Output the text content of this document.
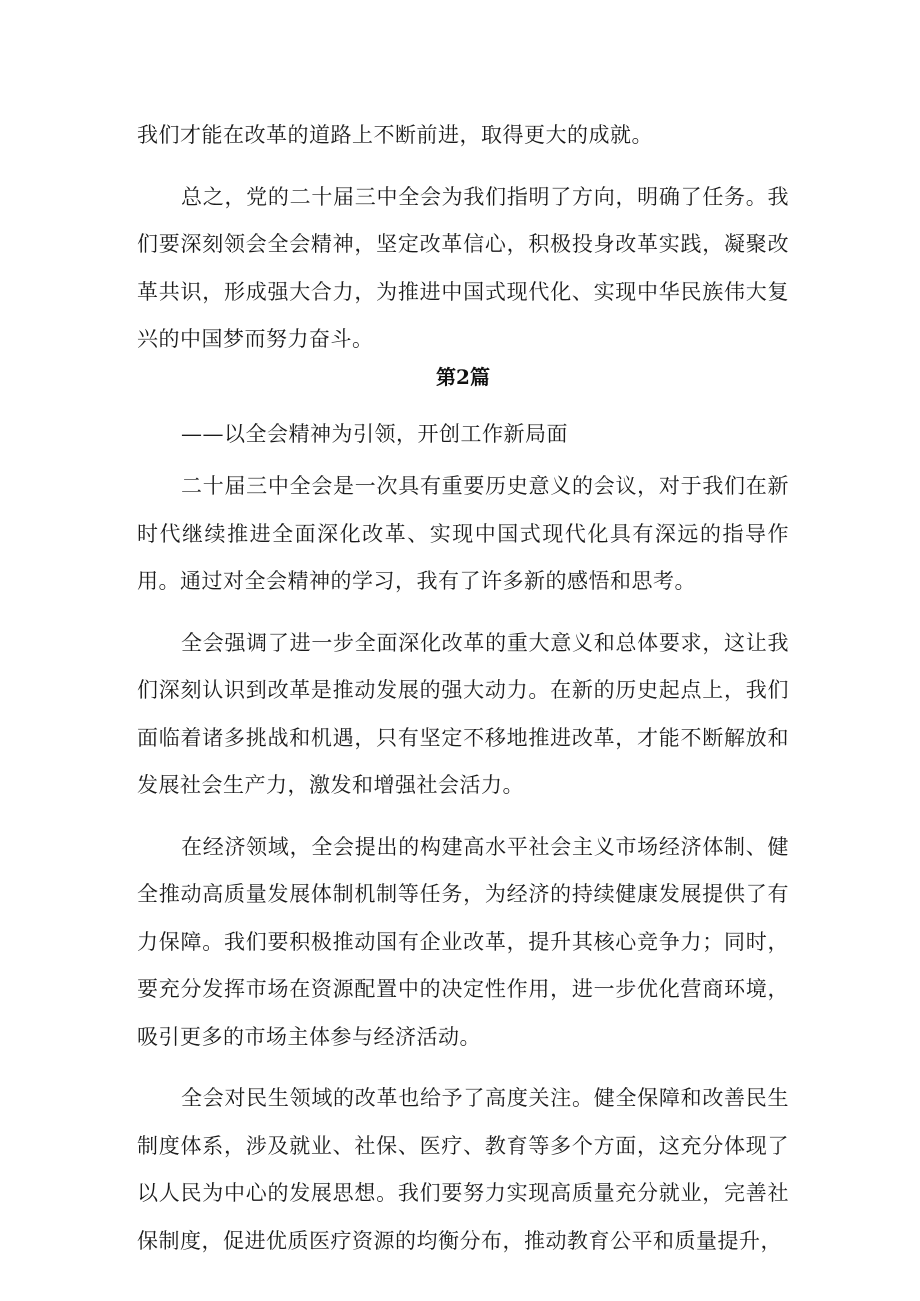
我们才能在改革的道路上不断前进，取得更大的成就。

总之，党的二十届三中全会为我们指明了方向，明确了任务。我们要深刻领会全会精神，坚定改革信心，积极投身改革实践，凝聚改革共识，形成强大合力，为推进中国式现代化、实现中华民族伟大复兴的中国梦而努力奋斗。

第2篇
——以全会精神为引领，开创工作新局面

二十届三中全会是一次具有重要历史意义的会议，对于我们在新时代继续推进全面深化改革、实现中国式现代化具有深远的指导作用。通过对全会精神的学习，我有了许多新的感悟和思考。

全会强调了进一步全面深化改革的重大意义和总体要求，这让我们深刻认识到改革是推动发展的强大动力。在新的历史起点上，我们面临着诸多挑战和机遇，只有坚定不移地推进改革，才能不断解放和发展社会生产力，激发和增强社会活力。

在经济领域，全会提出的构建高水平社会主义市场经济体制、健全推动高质量发展体制机制等任务，为经济的持续健康发展提供了有力保障。我们要积极推动国有企业改革，提升其核心竞争力；同时，要充分发挥市场在资源配置中的决定性作用，进一步优化营商环境，吸引更多的市场主体参与经济活动。

全会对民生领域的改革也给予了高度关注。健全保障和改善民生制度体系，涉及就业、社保、医疗、教育等多个方面，这充分体现了以人民为中心的发展思想。我们要努力实现高质量充分就业，完善社保制度，促进优质医疗资源的均衡分布，推动教育公平和质量提升，
